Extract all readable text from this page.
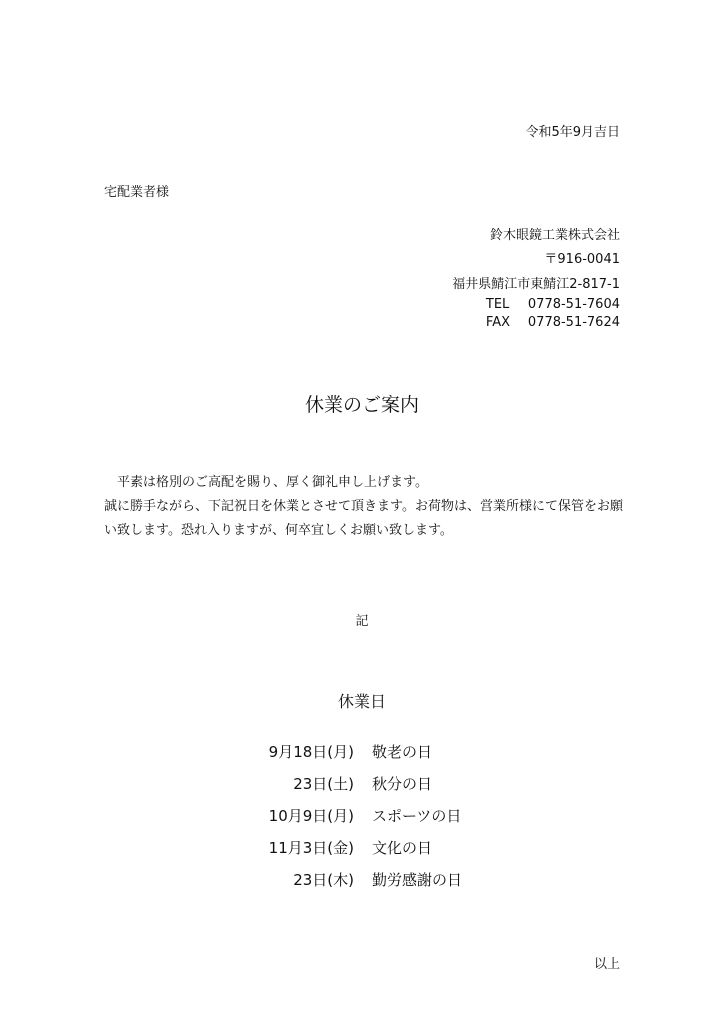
令和5年9月吉日
宅配業者様
鈴木眼鏡工業株式会社
〒916-0041
福井県鯖江市東鯖江2-817-1
TEL 0778-51-7604
FAX 0778-51-7624
休業のご案内
平素は格別のご高配を賜り、厚く御礼申し上げます。
誠に勝手ながら、下記祝日を休業とさせて頂きます。お荷物は、営業所様にて保管をお願
い致します。恐れ入りますが、何卒宜しくお願い致します。
記
休業日
9月18日(月) 敬老の日
23日(土) 秋分の日
10月9日(月) スポーツの日
11月3日(金) 文化の日
23日(木) 勤労感謝の日
以上
